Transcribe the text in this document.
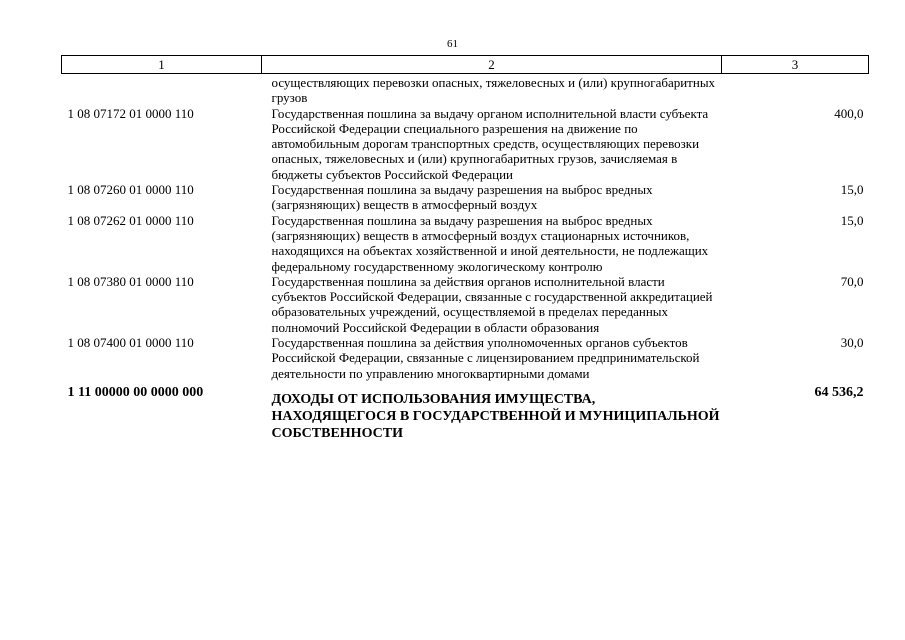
61
1	2	3
	осуществляющих перевозки опасных, тяжеловесных и (или) крупногабаритных грузов	
1 08 07172 01 0000 110	Государственная пошлина за выдачу органом исполнительной власти субъекта Российской Федерации специального разрешения на движение по автомобильным дорогам транспортных средств, осуществляющих перевозки опасных, тяжеловесных и (или) крупногабаритных грузов, зачисляемая в бюджеты субъектов Российской Федерации	400,0
1 08 07260 01 0000 110	Государственная пошлина за выдачу разрешения на выброс вредных (загрязняющих) веществ в атмосферный воздух	15,0
1 08 07262 01 0000 110	Государственная пошлина за выдачу разрешения на выброс вредных (загрязняющих) веществ в атмосферный воздух стационарных источников, находящихся на объектах хозяйственной и иной деятельности, не подлежащих федеральному государственному экологическому контролю	15,0
1 08 07380 01 0000 110	Государственная пошлина за действия органов исполнительной власти субъектов Российской Федерации, связанные с государственной аккредитацией образовательных учреждений, осуществляемой в пределах переданных полномочий Российской Федерации в области образования	70,0
1 08 07400 01 0000 110	Государственная пошлина за действия уполномоченных органов субъектов Российской Федерации, связанные с лицензированием предпринимательской деятельности по управлению многоквартирными домами	30,0
1 11 00000 00 0000 000	ДОХОДЫ ОТ ИСПОЛЬЗОВАНИЯ ИМУЩЕСТВА, НАХОДЯЩЕГОСЯ В ГОСУДАРСТВЕННОЙ И МУНИЦИПАЛЬНОЙ СОБСТВЕННОСТИ	64 536,2
